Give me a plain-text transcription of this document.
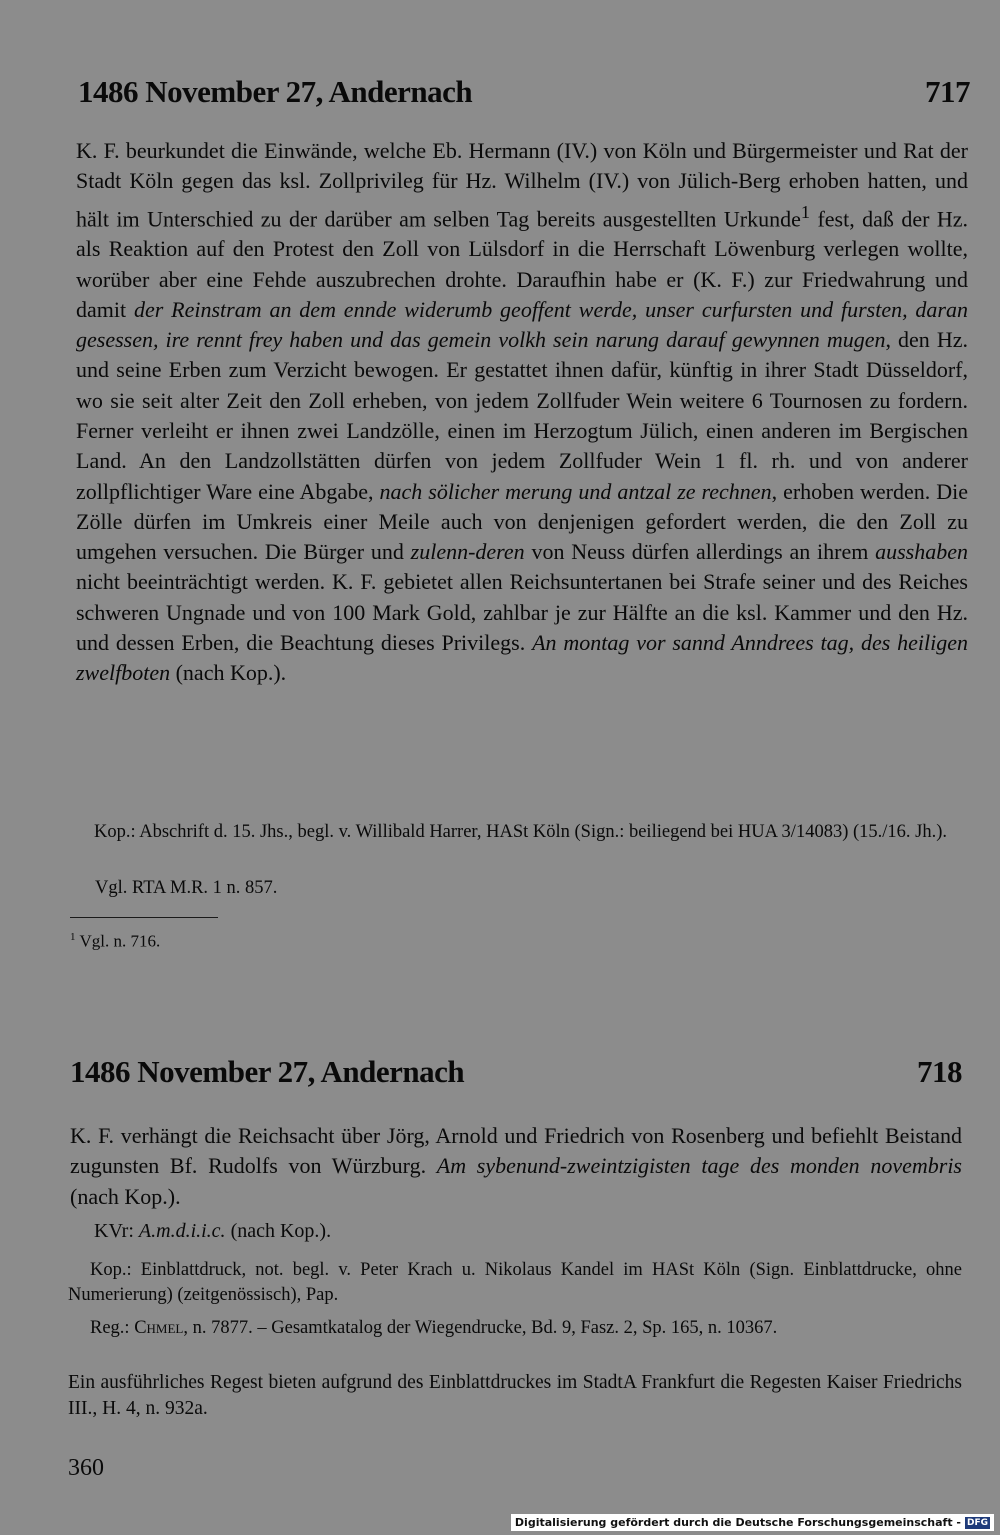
1486 November 27, Andernach	717

K. F. beurkundet die Einwände, welche Eb. Hermann (IV.) von Köln und Bürgermeister und Rat der Stadt Köln gegen das ksl. Zollprivileg für Hz. Wilhelm (IV.) von Jülich-Berg erhoben hatten, und hält im Unterschied zu der darüber am selben Tag bereits ausgestellten Urkunde$^1$ fest, daß der Hz. als Reaktion auf den Protest den Zoll von Lülsdorf in die Herrschaft Löwenburg verlegen wollte, worüber aber eine Fehde auszubrechen drohte. Daraufhin habe er (K. F.) zur Friedwahrung und damit der Reinstram an dem ennde widerumb geoffent werde, unser curfursten und fursten, daran gesessen, ire rennt frey haben und das gemein volkh sein narung darauf gewynnen mugen, den Hz. und seine Erben zum Verzicht bewogen. Er gestattet ihnen dafür, künftig in ihrer Stadt Düsseldorf, wo sie seit alter Zeit den Zoll erheben, von jedem Zollfuder Wein weitere 6 Tournosen zu fordern. Ferner verleiht er ihnen zwei Landzölle, einen im Herzogtum Jülich, einen anderen im Bergischen Land. An den Landzollstätten dürfen von jedem Zollfuder Wein 1 fl. rh. und von anderer zollpflichtiger Ware eine Abgabe, nach sölicher merung und antzal ze rechnen, erhoben werden. Die Zölle dürfen im Umkreis einer Meile auch von denjenigen gefordert werden, die den Zoll zu umgehen versuchen. Die Bürger und zulenn-deren von Neuss dürfen allerdings an ihrem ausshaben nicht beeinträchtigt werden. K. F. gebietet allen Reichsuntertanen bei Strafe seiner und des Reiches schweren Ungnade und von 100 Mark Gold, zahlbar je zur Hälfte an die ksl. Kammer und den Hz. und dessen Erben, die Beachtung dieses Privilegs. An montag vor sannd Anndrees tag, des heiligen zwelfboten (nach Kop.).

Kop.: Abschrift d. 15. Jhs., begl. v. Willibald Harrer, HASt Köln (Sign.: beiliegend bei HUA 3/14083) (15./16. Jh.).

Vgl. RTA M.R. 1 n. 857.

$^1$ Vgl. n. 716.
1486 November 27, Andernach	718

K. F. verhängt die Reichsacht über Jörg, Arnold und Friedrich von Rosenberg und befiehlt Beistand zugunsten Bf. Rudolfs von Würzburg. Am sybenund-zweintzigisten tage des monden novembris (nach Kop.).

KVr: A.m.d.i.i.c. (nach Kop.).

Kop.: Einblattdruck, not. begl. v. Peter Krach u. Nikolaus Kandel im HASt Köln (Sign. Einblattdrucke, ohne Numerierung) (zeitgenössisch), Pap.

Reg.: Chmel, n. 7877. – Gesamtkatalog der Wiegendrucke, Bd. 9, Fasz. 2, Sp. 165, n. 10367.

Ein ausführliches Regest bieten aufgrund des Einblattdruckes im StadtA Frankfurt die Regesten Kaiser Friedrichs III., H. 4, n. 932a.

360
Digitalisierung gefördert durch die Deutsche Forschungsgemeinschaft - DFG
